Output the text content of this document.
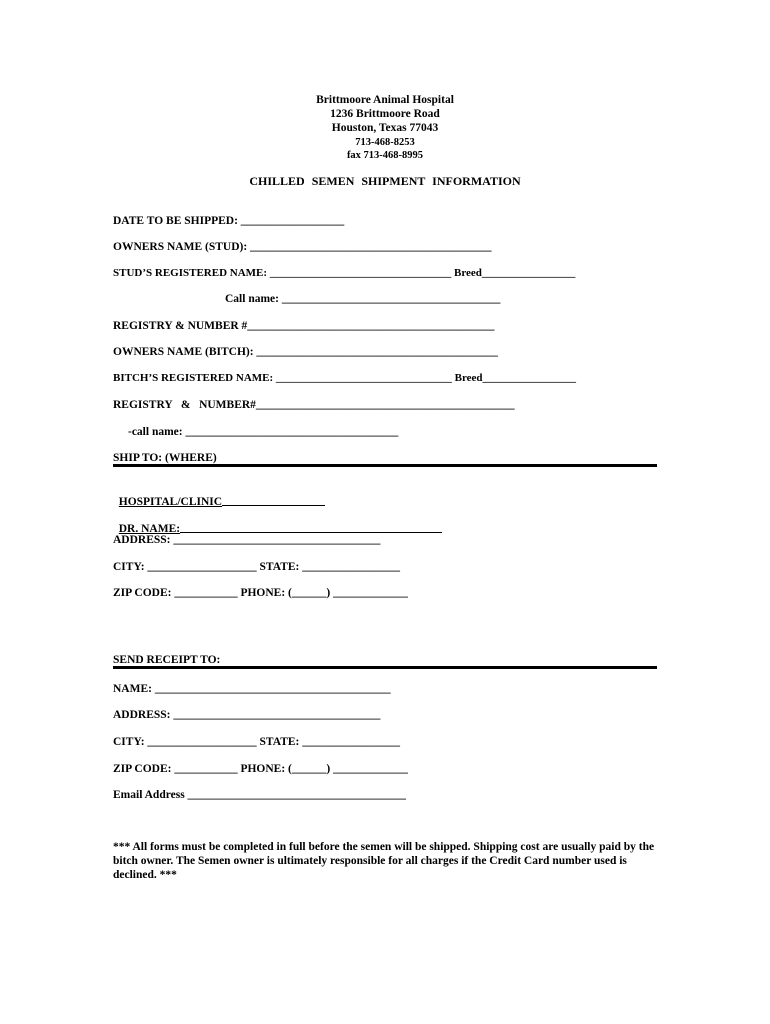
Brittmoore Animal Hospital
1236 Brittmoore Road
Houston, Texas 77043
713-468-8253
fax 713-468-8995
CHILLED SEMEN SHIPMENT INFORMATION
DATE TO BE SHIPPED: __________________
OWNERS NAME (STUD): __________________________________________
STUD’S REGISTERED NAME: _________________________________ Breed_________________
Call name: ______________________________________
REGISTRY & NUMBER #___________________________________________
OWNERS NAME (BITCH): __________________________________________
BITCH’S REGISTERED NAME: ________________________________ Breed_________________
REGISTRY   &   NUMBER#_____________________________________________
-call name: _____________________________________
SHIP TO: (WHERE)

HOSPITAL/CLINIC

DR. NAME:

ADDRESS: ____________________________________
CITY: ___________________ STATE: _________________
ZIP CODE: ___________ PHONE: (______) _____________
SEND RECEIPT TO:
NAME: _________________________________________
ADDRESS: ____________________________________
CITY: ___________________ STATE: _________________
ZIP CODE: ___________ PHONE: (______) _____________
Email Address ______________________________________
*** All forms must be completed in full before the semen will be shipped. Shipping cost are usually paid by the bitch owner. The Semen owner is ultimately responsible for all charges if the Credit Card number used is declined. ***
